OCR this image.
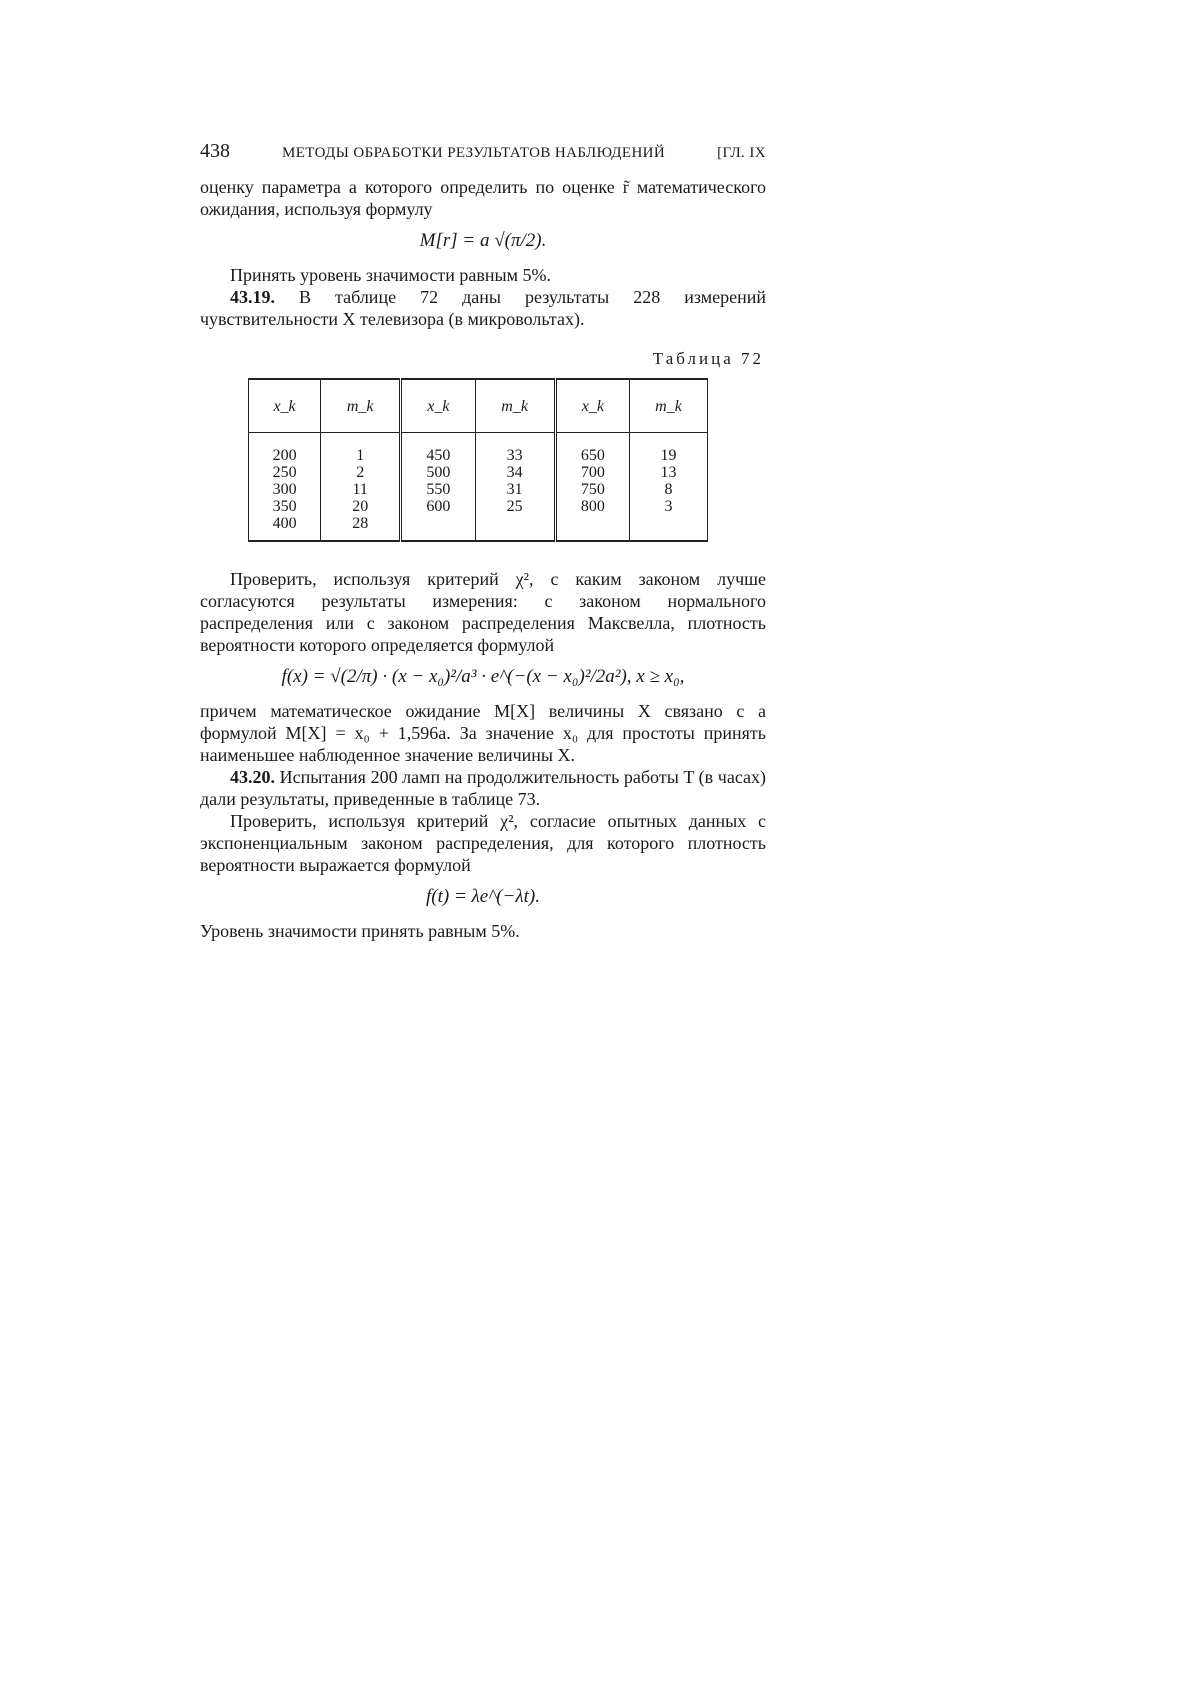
438	МЕТОДЫ ОБРАБОТКИ РЕЗУЛЬТАТОВ НАБЛЮДЕНИЙ	[ГЛ. IX

оценку параметра a которого определить по оценке r̃ математического ожидания, используя формулу

M[r] = a √(π/2).

Принять уровень значимости равным 5%.

43.19. В таблице 72 даны результаты 228 измерений чувствительности X телевизора (в микровольтах).

Таблица 72
x_k	m_k	x_k	m_k	x_k	m_k
200	1	450	33	650	19
250	2	500	34	700	13
300	11	550	31	750	8
350	20	600	25	800	3
400	28				

Проверить, используя критерий χ², с каким законом лучше согласуются результаты измерения: с законом нормального распределения или с законом распределения Максвелла, плотность вероятности которого определяется формулой

f(x) = √(2/π) · (x − x₀)²/a³ · e^(−(x − x₀)²/2a²), x ≥ x₀,

причем математическое ожидание M[X] величины X связано с a формулой M[X] = x₀ + 1,596a. За значение x₀ для простоты принять наименьшее наблюденное значение величины X.

43.20. Испытания 200 ламп на продолжительность работы T (в часах) дали результаты, приведенные в таблице 73.

Проверить, используя критерий χ², согласие опытных данных с экспоненциальным законом распределения, для которого плотность вероятности выражается формулой

f(t) = λe^(−λt).

Уровень значимости принять равным 5%.
